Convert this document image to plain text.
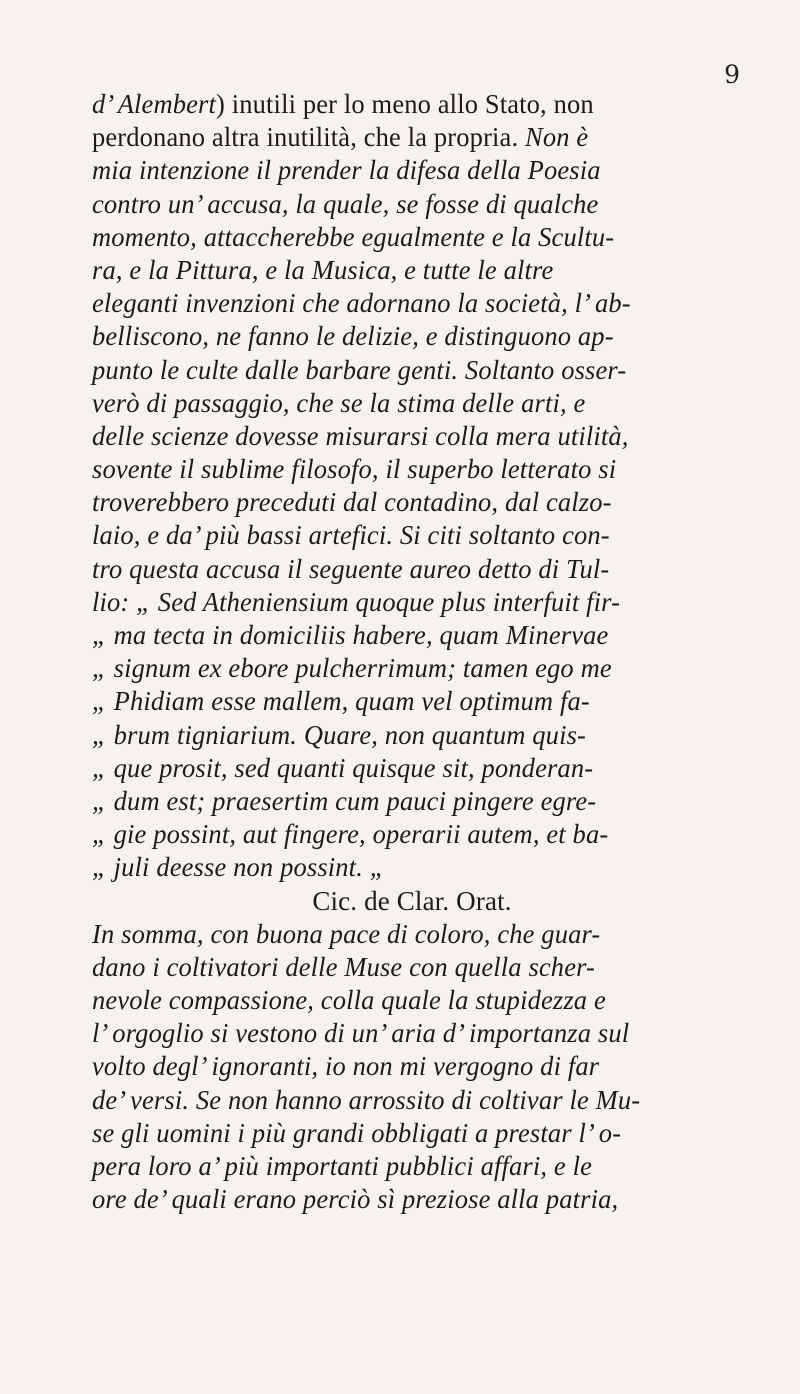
9
d’ Alembert) inutili per lo meno allo Stato, non
perdonano altra inutilità, che la propria. Non è
mia intenzione il prender la difesa della Poesia
contro un’ accusa, la quale, se fosse di qualche
momento, attaccherebbe egualmente e la Scultu-
ra, e la Pittura, e la Musica, e tutte le altre
eleganti invenzioni che adornano la società, l’ ab-
belliscono, ne fanno le delizie, e distinguono ap-
punto le culte dalle barbare genti. Soltanto osser-
verò di passaggio, che se la stima delle arti, e
delle scienze dovesse misurarsi colla mera utilità,
sovente il sublime filosofo, il superbo letterato si
troverebbero preceduti dal contadino, dal calzo-
laio, e da’ più bassi artefici. Si citi soltanto con-
tro questa accusa il seguente aureo detto di Tul-
lio: „ Sed Atheniensium quoque plus interfuit fir-
„ ma tecta in domiciliis habere, quam Minervae
„ signum ex ebore pulcherrimum; tamen ego me
„ Phidiam esse mallem, quam vel optimum fa-
„ brum tigniarium. Quare, non quantum quis-
„ que prosit, sed quanti quisque sit, ponderan-
„ dum est; praesertim cum pauci pingere egre-
„ gie possint, aut fingere, operarii autem, et ba-
„ juli deesse non possint. „
Cic. de Clar. Orat.
In somma, con buona pace di coloro, che guar-
dano i coltivatori delle Muse con quella scher-
nevole compassione, colla quale la stupidezza e
l’ orgoglio si vestono di un’ aria d’ importanza sul
volto degl’ ignoranti, io non mi vergogno di far
de’ versi. Se non hanno arrossito di coltivar le Mu-
se gli uomini i più grandi obbligati a prestar l’ o-
pera loro a’ più importanti pubblici affari, e le
ore de’ quali erano perciò sì preziose alla patria,
